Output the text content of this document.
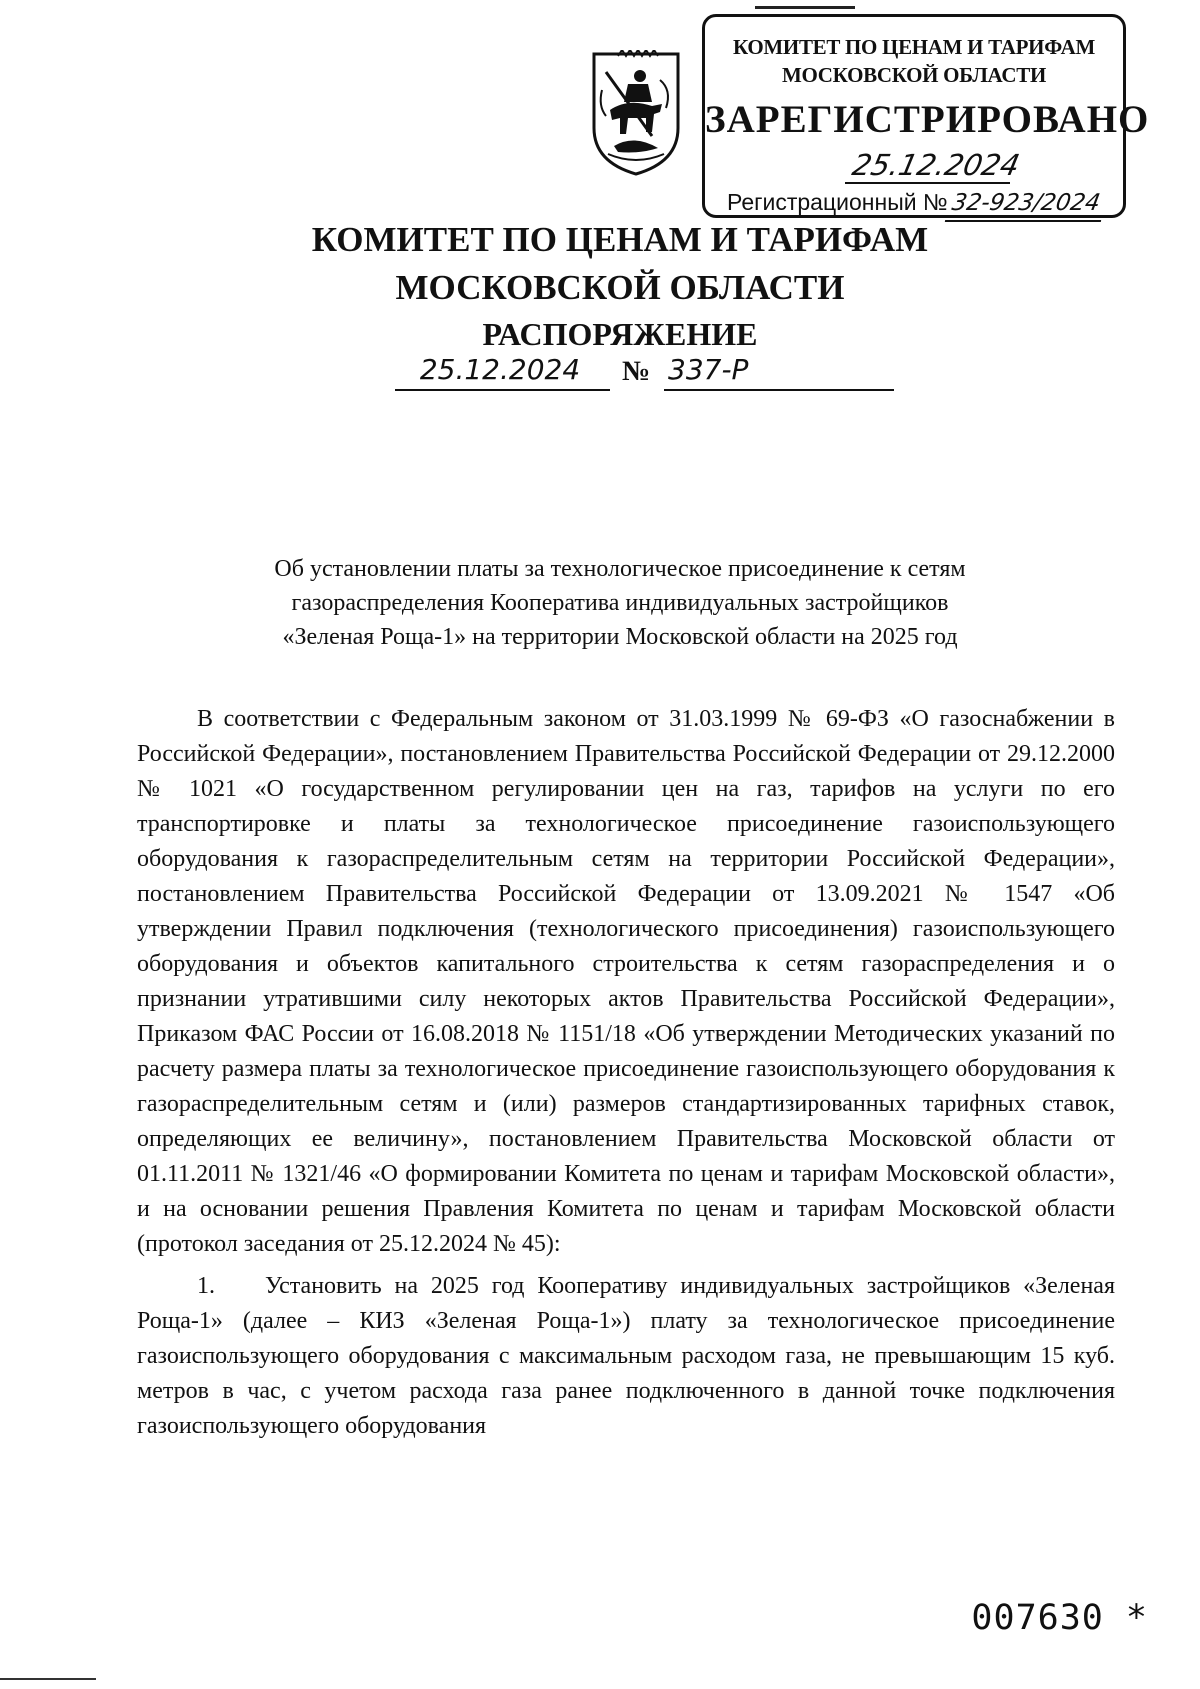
КОМИТЕТ ПО ЦЕНАМ И ТАРИФАМ
МОСКОВСКОЙ ОБЛАСТИ
ЗАРЕГИСТРИРОВАНО
25.12.2024
Регистрационный №32-923/2024
КОМИТЕТ ПО ЦЕНАМ И ТАРИФАМ
МОСКОВСКОЙ ОБЛАСТИ
РАСПОРЯЖЕНИЕ
25.12.2024	№ 337-Р
Об установлении платы за технологическое присоединение к сетям
газораспределения Кооператива индивидуальных застройщиков
«Зеленая Роща-1» на территории Московской области на 2025 год

В соответствии с Федеральным законом от 31.03.1999 № 69-ФЗ «О газоснабжении в Российской Федерации», постановлением Правительства Российской Федерации от 29.12.2000 № 1021 «О государственном регулировании цен на газ, тарифов на услуги по его транспортировке и платы за технологическое присоединение газоиспользующего оборудования к газораспределительным сетям на территории Российской Федерации», постановлением Правительства Российской Федерации от 13.09.2021 № 1547 «Об утверждении Правил подключения (технологического присоединения) газоиспользующего оборудования и объектов капитального строительства к сетям газораспределения и о признании утратившими силу некоторых актов Правительства Российской Федерации», Приказом ФАС России от 16.08.2018 № 1151/18 «Об утверждении Методических указаний по расчету размера платы за технологическое присоединение газоиспользующего оборудования к газораспределительным сетям и (или) размеров стандартизированных тарифных ставок, определяющих ее величину», постановлением Правительства Московской области от 01.11.2011 № 1321/46 «О формировании Комитета по ценам и тарифам Московской области», и на основании решения Правления Комитета по ценам и тарифам Московской области (протокол заседания от 25.12.2024 № 45):

1. Установить на 2025 год Кооперативу индивидуальных застройщиков «Зеленая Роща-1» (далее – КИЗ «Зеленая Роща-1») плату за технологическое присоединение газоиспользующего оборудования с максимальным расходом газа, не превышающим 15 куб. метров в час, с учетом расхода газа ранее подключенного в данной точке подключения газоиспользующего оборудования

007630 *
